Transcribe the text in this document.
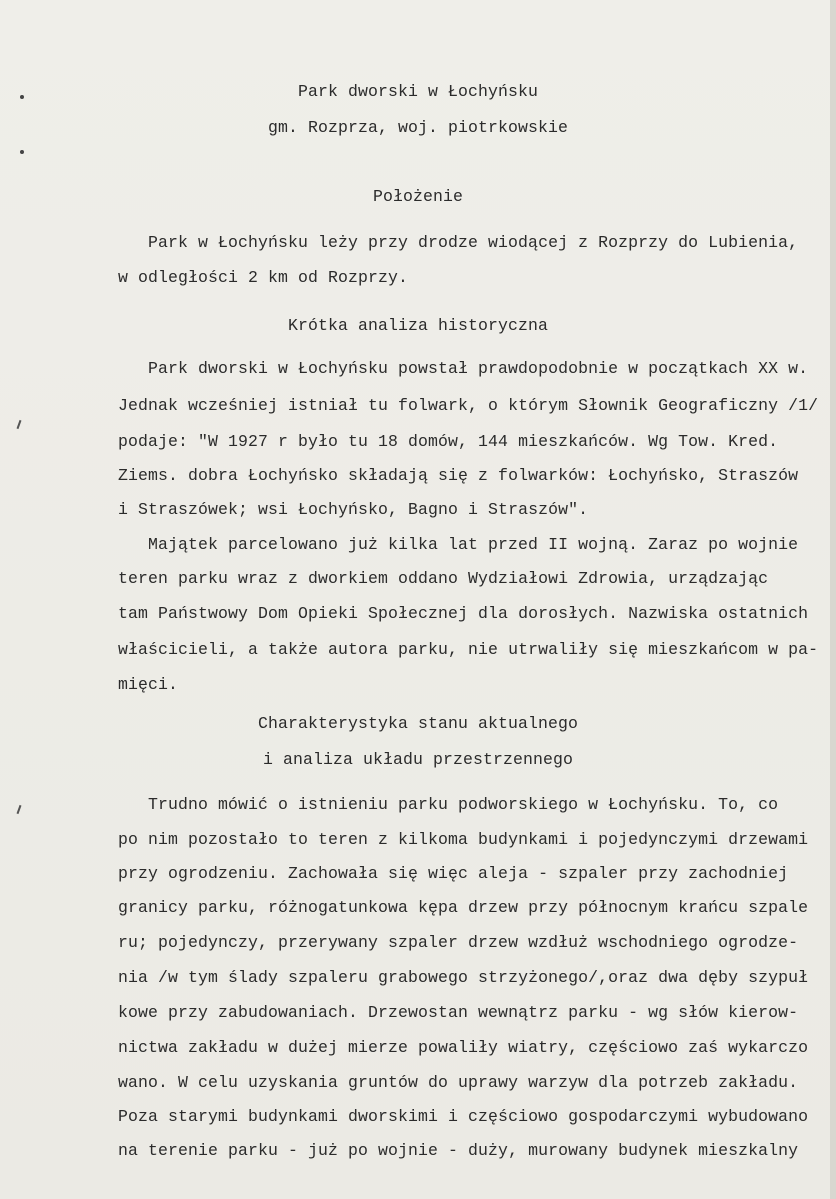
Park dworski w Łochyńsku
gm. Rozprza, woj. piotrkowskie
Położenie
Park w Łochyńsku leży przy drodze wiodącej z Rozprzy do Lubienia,
w odległości 2 km od Rozprzy.
Krótka analiza historyczna
Park dworski w Łochyńsku powstał prawdopodobnie w początkach XX w.
Jednak wcześniej istniał tu folwark, o którym Słownik Geograficzny /1/
podaje: "W 1927 r było tu 18 domów, 144 mieszkańców. Wg Tow. Kred.
Ziems. dobra Łochyńsko składają się z folwarków: Łochyńsko, Straszów
i Straszówek; wsi Łochyńsko, Bagno i Straszów".
Majątek parcelowano już kilka lat przed II wojną. Zaraz po wojnie
teren parku wraz z dworkiem oddano Wydziałowi Zdrowia, urządzając
tam Państwowy Dom Opieki Społecznej dla dorosłych. Nazwiska ostatnich
właścicieli, a także autora parku, nie utrwaliły się mieszkańcom w pa-
mięci.
Charakterystyka stanu aktualnego
i analiza układu przestrzennego
Trudno mówić o istnieniu parku podworskiego w Łochyńsku. To, co
po nim pozostało to teren z kilkoma budynkami i pojedynczymi drzewami
przy ogrodzeniu. Zachowała się więc aleja - szpaler przy zachodniej
granicy parku, różnogatunkowa kępa drzew przy północnym krańcu szpale
ru; pojedynczy, przerywany szpaler drzew wzdłuż wschodniego ogrodze-
nia /w tym ślady szpaleru grabowego strzyżonego/,oraz dwa dęby szypuł
kowe przy zabudowaniach. Drzewostan wewnątrz parku - wg słów kierow-
nictwa zakładu w dużej mierze powaliły wiatry, częściowo zaś wykarczo
wano. W celu uzyskania gruntów do uprawy warzyw dla potrzeb zakładu.
Poza starymi budynkami dworskimi i częściowo gospodarczymi wybudowano
na terenie parku - już po wojnie - duży, murowany budynek mieszkalny
